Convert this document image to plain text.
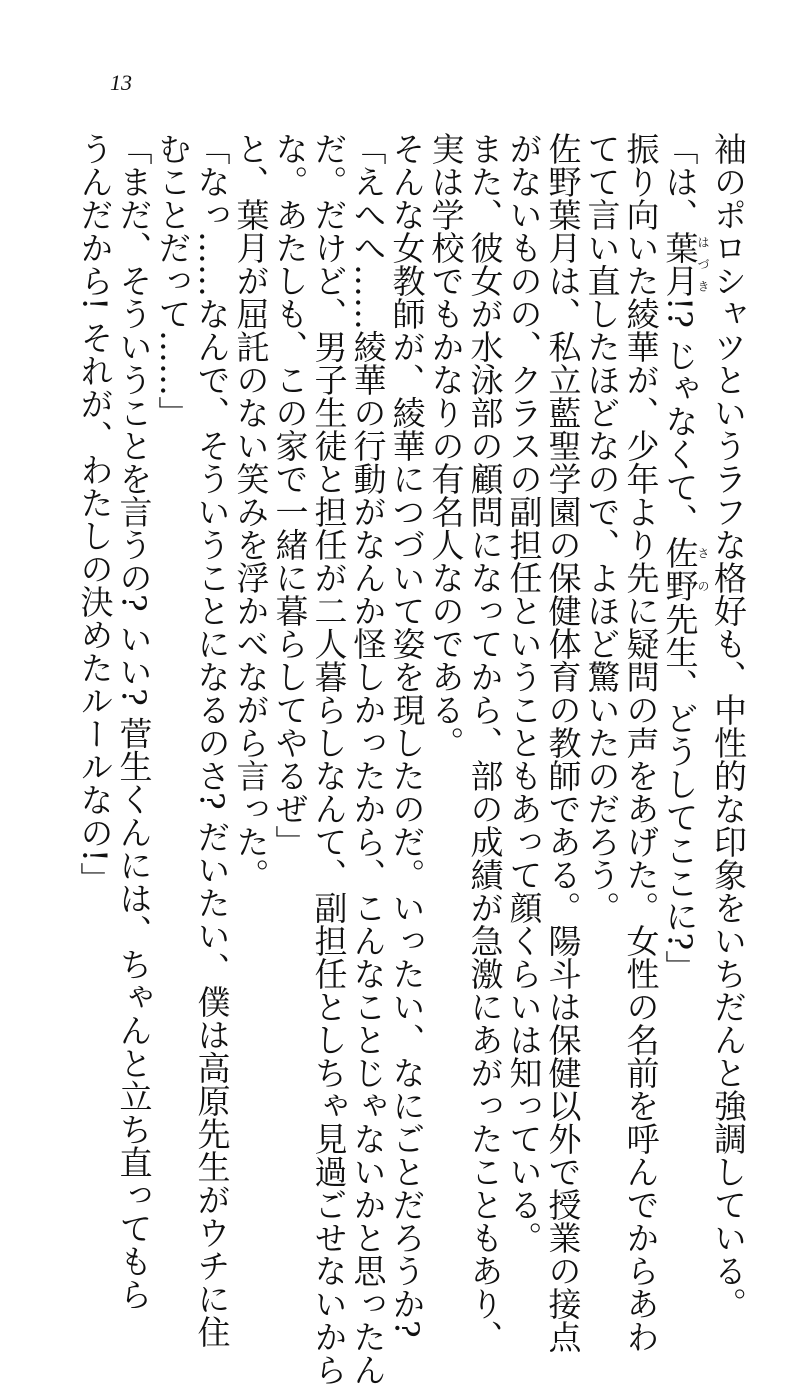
13
袖のポロシャツというラフな格好も、中性的な印象をいちだんと強調している。
「は、葉月はづき!? じゃなくて、佐野さの先生、どうしてここに?」
振り向いた綾華が、少年より先に疑問の声をあげた。女性の名前を呼んでからあわ
てて言い直したほどなので、よほど驚いたのだろう。
佐野葉月は、私立藍聖学園の保健体育の教師である。陽斗は保健以外で授業の接点
がないものの、クラスの副担任ということもあって顔くらいは知っている。
また、彼女が水泳部の顧問になってから、部の成績が急激にあがったこともあり、
実は学校でもかなりの有名人なのである。
そんな女教師が、綾華につづいて姿を現したのだ。いったい、なにごとだろうか?
「えへへ……綾華の行動がなんか怪しかったから、こんなことじゃないかと思ったん
だ。だけど、男子生徒と担任が二人暮らしなんて、副担任としちゃ見過ごせないから
な。あたしも、この家で一緒に暮らしてやるぜ」
と、葉月が屈託のない笑みを浮かべながら言った。
「なっ……なんで、そういうことになるのさ? だいたい、僕は高原先生がウチに住
むことだって……」
「まだ、そういうことを言うの? いい? 菅生くんには、ちゃんと立ち直ってもら
うんだから! それが、わたしの決めたルールなの!」
